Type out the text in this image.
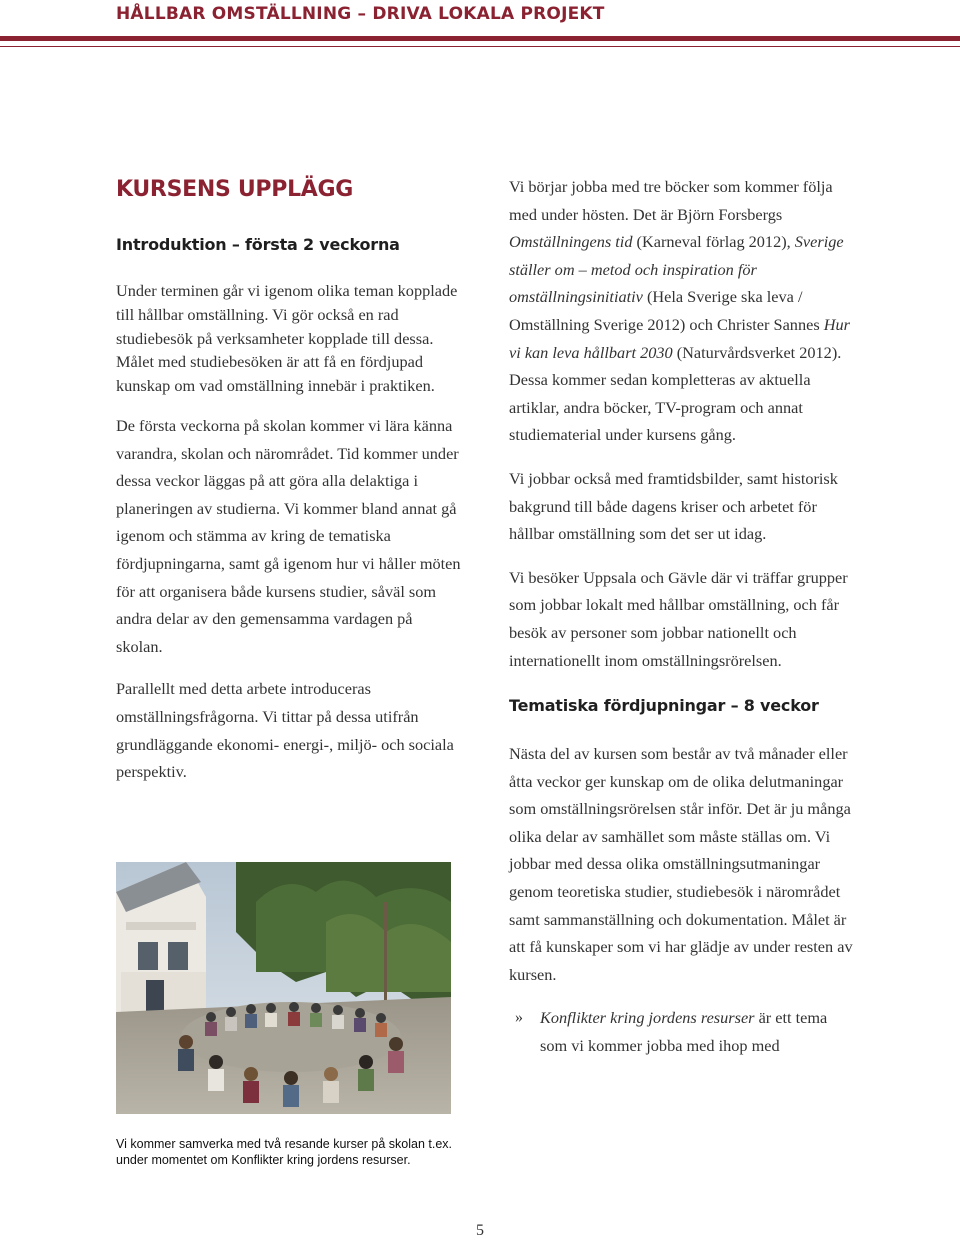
HÅLLBAR OMSTÄLLNING – DRIVA LOKALA PROJEKT
KURSENS UPPLÄGG
Introduktion – första 2 veckorna

Under terminen går vi igenom olika teman kopplade till hållbar omställning. Vi gör också en rad studiebesök på verksamheter kopplade till dessa. Målet med studiebesöken är att få en fördjupad kunskap om vad omställning innebär i praktiken.

De första veckorna på skolan kommer vi lära känna varandra, skolan och närområdet. Tid kommer under dessa veckor läggas på att göra alla delaktiga i planeringen av studierna. Vi kommer bland annat gå igenom och stämma av kring de tematiska fördjupningarna, samt gå igenom hur vi håller möten för att organisera både kursens studier, såväl som andra delar av den gemensamma vardagen på skolan.

Parallellt med detta arbete introduceras omställningsfrågorna. Vi tittar på dessa utifrån grundläggande ekonomi- energi-, miljö- och sociala perspektiv.

Vi kommer samverka med två resande kurser på skolan t.ex. under momentet om Konflikter kring jordens resurser.

Vi börjar jobba med tre böcker som kommer följa med under hösten. Det är Björn Forsbergs Omställningens tid (Karneval förlag 2012), Sverige ställer om – metod och inspiration för omställningsinitiativ (Hela Sverige ska leva / Omställning Sverige 2012) och Christer Sannes Hur vi kan leva hållbart 2030 (Naturvårdsverket 2012). Dessa kommer sedan kompletteras av aktuella artiklar, andra böcker, TV-program och annat studiematerial under kursens gång.

Vi jobbar också med framtidsbilder, samt historisk bakgrund till både dagens kriser och arbetet för hållbar omställning som det ser ut idag.

Vi besöker Uppsala och Gävle där vi träffar grupper som jobbar lokalt med hållbar omställning, och får besök av personer som jobbar nationellt och internationellt inom omställningsrörelsen.

Tematiska fördjupningar – 8 veckor

Nästa del av kursen som består av två månader eller åtta veckor ger kunskap om de olika delutmaningar som omställningsrörelsen står inför. Det är ju många olika delar av samhället som måste ställas om. Vi jobbar med dessa olika omställningsutmaningar genom teoretiska studier, studiebesök i närområdet samt sammanställning och dokumentation. Målet är att få kunskaper som vi har glädje av under resten av kursen.

» Konflikter kring jordens resurser är ett tema som vi kommer jobba med ihop med

5
